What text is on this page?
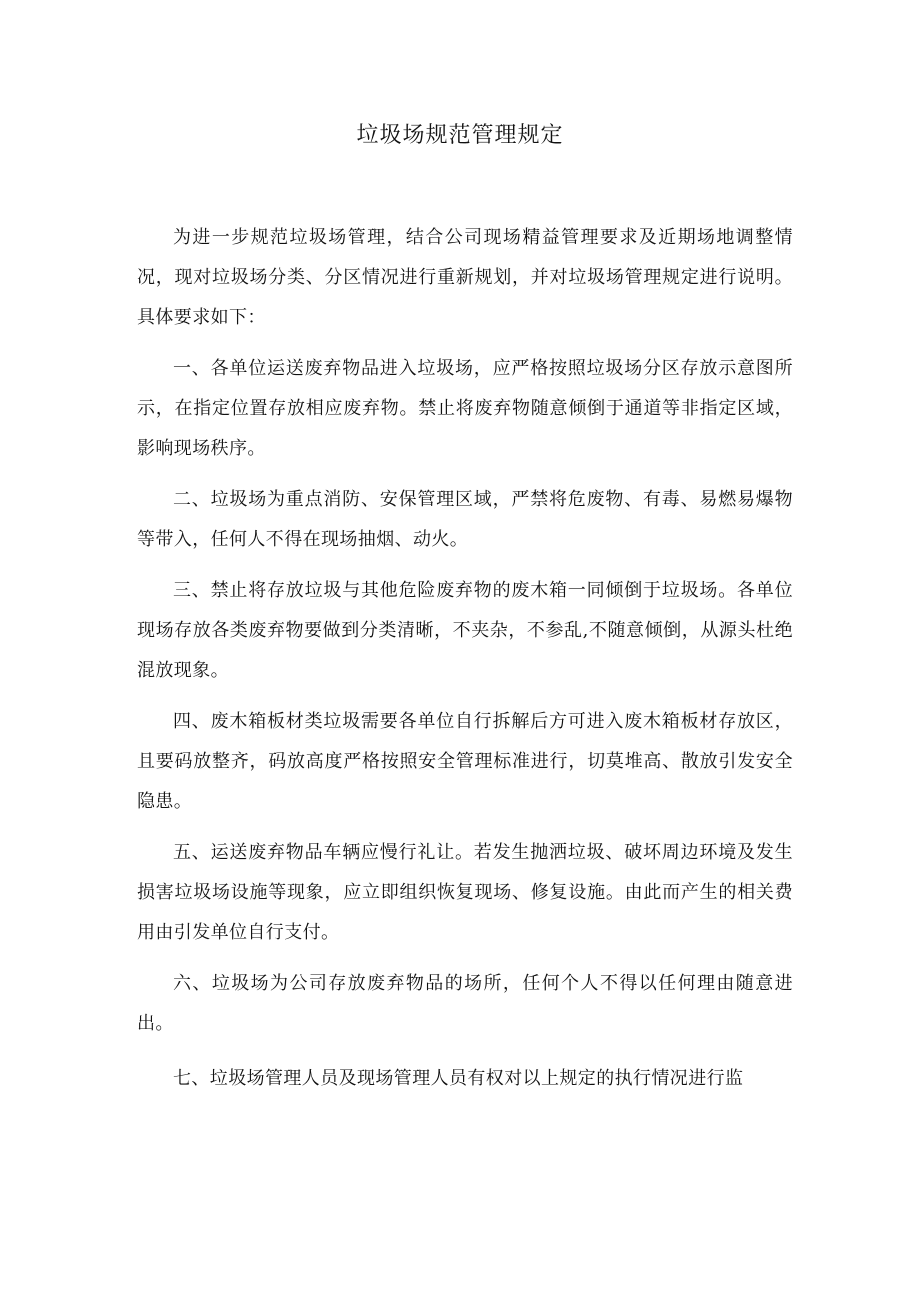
垃圾场规范管理规定

为进一步规范垃圾场管理，结合公司现场精益管理要求及近期场地调整情况，现对垃圾场分类、分区情况进行重新规划，并对垃圾场管理规定进行说明。具体要求如下：

一、各单位运送废弃物品进入垃圾场，应严格按照垃圾场分区存放示意图所示，在指定位置存放相应废弃物。禁止将废弃物随意倾倒于通道等非指定区域，影响现场秩序。

二、垃圾场为重点消防、安保管理区域，严禁将危废物、有毒、易燃易爆物等带入，任何人不得在现场抽烟、动火。

三、禁止将存放垃圾与其他危险废弃物的废木箱一同倾倒于垃圾场。各单位现场存放各类废弃物要做到分类清晰，不夹杂，不参乱,不随意倾倒，从源头杜绝混放现象。

四、废木箱板材类垃圾需要各单位自行拆解后方可进入废木箱板材存放区，且要码放整齐，码放高度严格按照安全管理标准进行，切莫堆高、散放引发安全隐患。

五、运送废弃物品车辆应慢行礼让。若发生抛洒垃圾、破坏周边环境及发生损害垃圾场设施等现象，应立即组织恢复现场、修复设施。由此而产生的相关费用由引发单位自行支付。

六、垃圾场为公司存放废弃物品的场所，任何个人不得以任何理由随意进出。

七、垃圾场管理人员及现场管理人员有权对以上规定的执行情况进行监
